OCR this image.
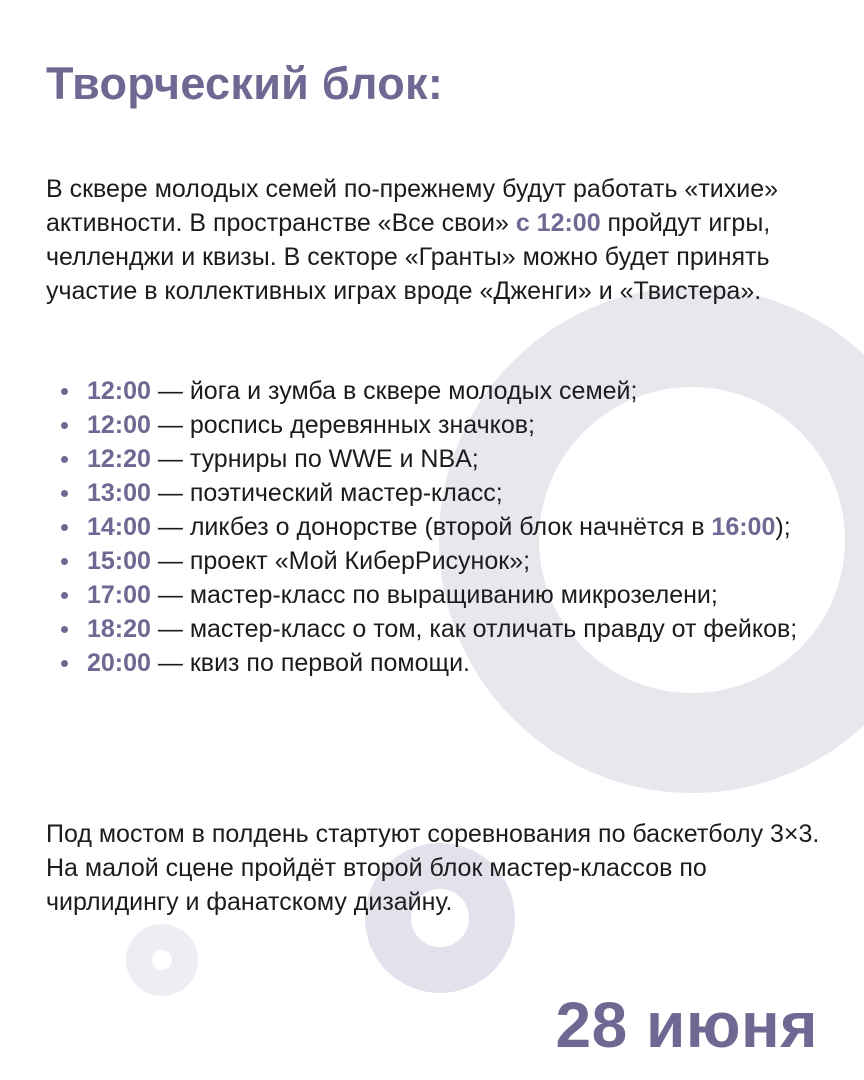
Творческий блок:

В сквере молодых семей по-прежнему будут работать «тихие» активности. В пространстве «Все свои» с 12:00 пройдут игры, челленджи и квизы. В секторе «Гранты» можно будет принять участие в коллективных играх вроде «Дженги» и «Твистера».

12:00 — йога и зумба в сквере молодых семей;
12:00 — роспись деревянных значков;
12:20 — турниры по WWE и NBA;
13:00 — поэтический мастер-класс;
14:00 — ликбез о донорстве (второй блок начнётся в 16:00);
15:00 — проект «Мой КиберРисунок»;
17:00 — мастер-класс по выращиванию микрозелени;
18:20 — мастер-класс о том, как отличать правду от фейков;
20:00 — квиз по первой помощи.

Под мостом в полдень стартуют соревнования по баскетболу 3×3. На малой сцене пройдёт второй блок мастер-классов по чирлидингу и фанатскому дизайну.

28 июня
